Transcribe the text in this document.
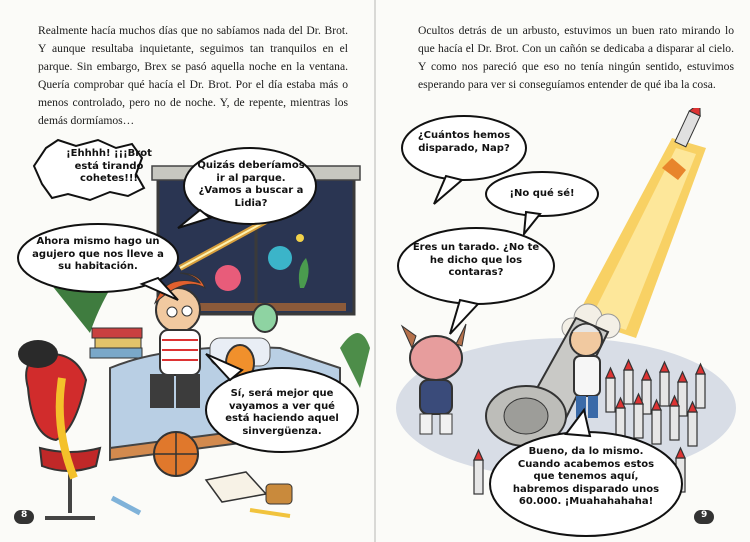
Realmente hacía muchos días que no sabíamos nada del Dr. Brot. Y aunque resultaba inquietante, seguimos tan tranquilos en el parque. Sin embargo, Brex se pasó aquella noche en la ventana. Quería comprobar qué hacía el Dr. Brot. Por el día estaba más o menos controlado, pero no de noche. Y, de repente, mientras los demás dormíamos…

¡Ehhhh! ¡¡¡Brot está tirando cohetes!!!
Quizás deberíamos ir al parque. ¿Vamos a buscar a Lidia?
Ahora mismo hago un agujero que nos lleve a su habitación.
Sí, será mejor que vayamos a ver qué está haciendo aquel sinvergüenza.
8

Ocultos detrás de un arbusto, estuvimos un buen rato mirando lo que hacía el Dr. Brot. Con un cañón se dedicaba a disparar al cielo. Y como nos pareció que eso no tenía ningún sentido, estuvimos esperando para ver si conseguíamos entender de qué iba la cosa.

¿Cuántos hemos disparado, Nap?
¡No qué sé!
Eres un tarado. ¿No te he dicho que los contaras?
Bueno, da lo mismo. Cuando acabemos estos que tenemos aquí, habremos disparado unos 60.000. ¡Muahahahaha!
9
